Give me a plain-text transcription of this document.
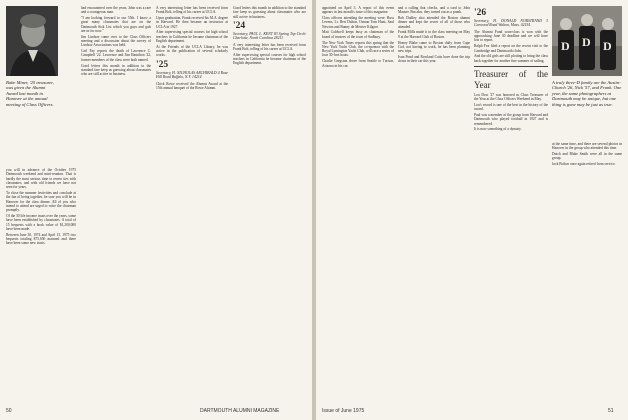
Babe Miner, '25 treasurer, was given the Alumni Award last month in Hanover at the annual meeting of Class Officers.

you will in advance of the October 1975 Dartmouth weekend and mini-reunion. That is hardly the most serious time to renew ties with classmates, and with old friends we have not seen for years.

To close the summer festivities and conclude at the fun of being together, be sure you will be in Hanover for the class dinner. All of you who intend to attend are urged to write the chairman promptly.

Of the 30 life income trusts over the years, some have been established by classmates. A total of 15 bequests with a book value of $1,200,000 have been made.

Between June 30, 1974 and April 15, 1975 two bequests totaling $75,650 matured and there have been some new trusts.

had encountered over the years, John was a rare and a courageous man.

"I am looking forward to our 55th. I know a great many classmates that are on the Dartmouth Sick List which you guys and gals are as for now."

Jim Lindsav came over to the Class Officers meeting and a discussion about the survey of Lindsav Associations was held.

Carl Fay reports the death of Lawrence C. Campbell '22. Lawrence and Jim Hamilton '22, former members of the class were both named.

Good letters this month in addition to the standard fare keep us guessing about classmates who are still active in business.

A very interesting letter has been received from Frank Bolt, telling of his career at UCLA.

Upon graduation, Frank received his M.A. degree in Harvard. He then became an instructor at UCLA in 1927.

After supervising special courses for high school teachers in California he became chairman of the English department.

At the Friends of the UCLA Library, he was active in the publication of several scholarly works.

'25
Secretary, H. NICHOLAS ARCHIBALD 4 Rose Hill Road Buffalo, N.Y. 14214

Chick Rowe received the Alumni Award at the 15th annual banquet of the Rowe Alumni.

Good letters this month in addition to the standard fare keep us guessing about classmates who are still active in business.

'24
Secretary, PAUL L. KENT 83 Spring Top Circle Charlotte, North Carolina 28211

A very interesting letter has been received from Frank Bolt, telling of his career at UCLA.

After supervising special courses for high school teachers in California he became chairman of the English department.

50	DARTMOUTH ALUMNI MAGAZINE

appointed on April 3. A report of this event appears in last month's issue of this magazine.

Class officers attending the meeting were: Russ Levens, Lt. Bert Dalton, Osman Tom Hunt, Saul Newton and Bunny de Merrier Kilgore.

Matt Caldwell keeps busy as chairman of the board of trustees of the town of Sudbury.

The New York Times reports this spring that the New York Yacht Club, the co-sponsor with the Royal Lymington Yacht Club, will race a series of four 30-foot boats.

Charlie Gregston drove from Seattle to Tucson, Arizona in his car.

and a calling that checks, and a card to John Mauser. But alas, they turned out as a prank.

Bob Dudley also attended the Boston alumni dinner and kept the secret of all of those who attended.

Frank Mills made it to the class meeting on May 9 at the Harvard Club of Boston.

Honey Blake came to Boston daily from Cape Cod, not having to work, he has been planning new trips.

Ivan Pond and Rowland Cutts have done the trip down in their car this year.

'26
Secretary, H. DONALD NORSTRAND 3 Garwood Road Walton, Mass. 02154

The Alumni Fund soon-class is won with the approaching June 30 deadline and we will have lots to report.

Ralph Fox filed a report on the recent visit to the Cambridge and Dartmouth clubs.

And the old girls are still plotting to bring the class back together for another fine summer of sailing.

Treasurer of the Year

Lou Dow '27 was honored as Class Treasurer of the Year at the Class Officers Weekend in May.

Lou's record is one of the best in the history of the award.

Paul was a member of the group from Harvard and Dartmouth who played football in 1927 and is remembered.

It is now something of a dynasty.

D D D
A truly three-D family are the Austin-Church '26, Nick '57, and Frank. One year, the same photographers at Dartmouth may be unique, but one thing is gone may be just as true.

at the same time, and there are several photos in Hanover in the group who attended this time.

Dutch and Blake Smith were all in the same group.

Jack Bolton once again retired from service.

Issue of June 1975	51
